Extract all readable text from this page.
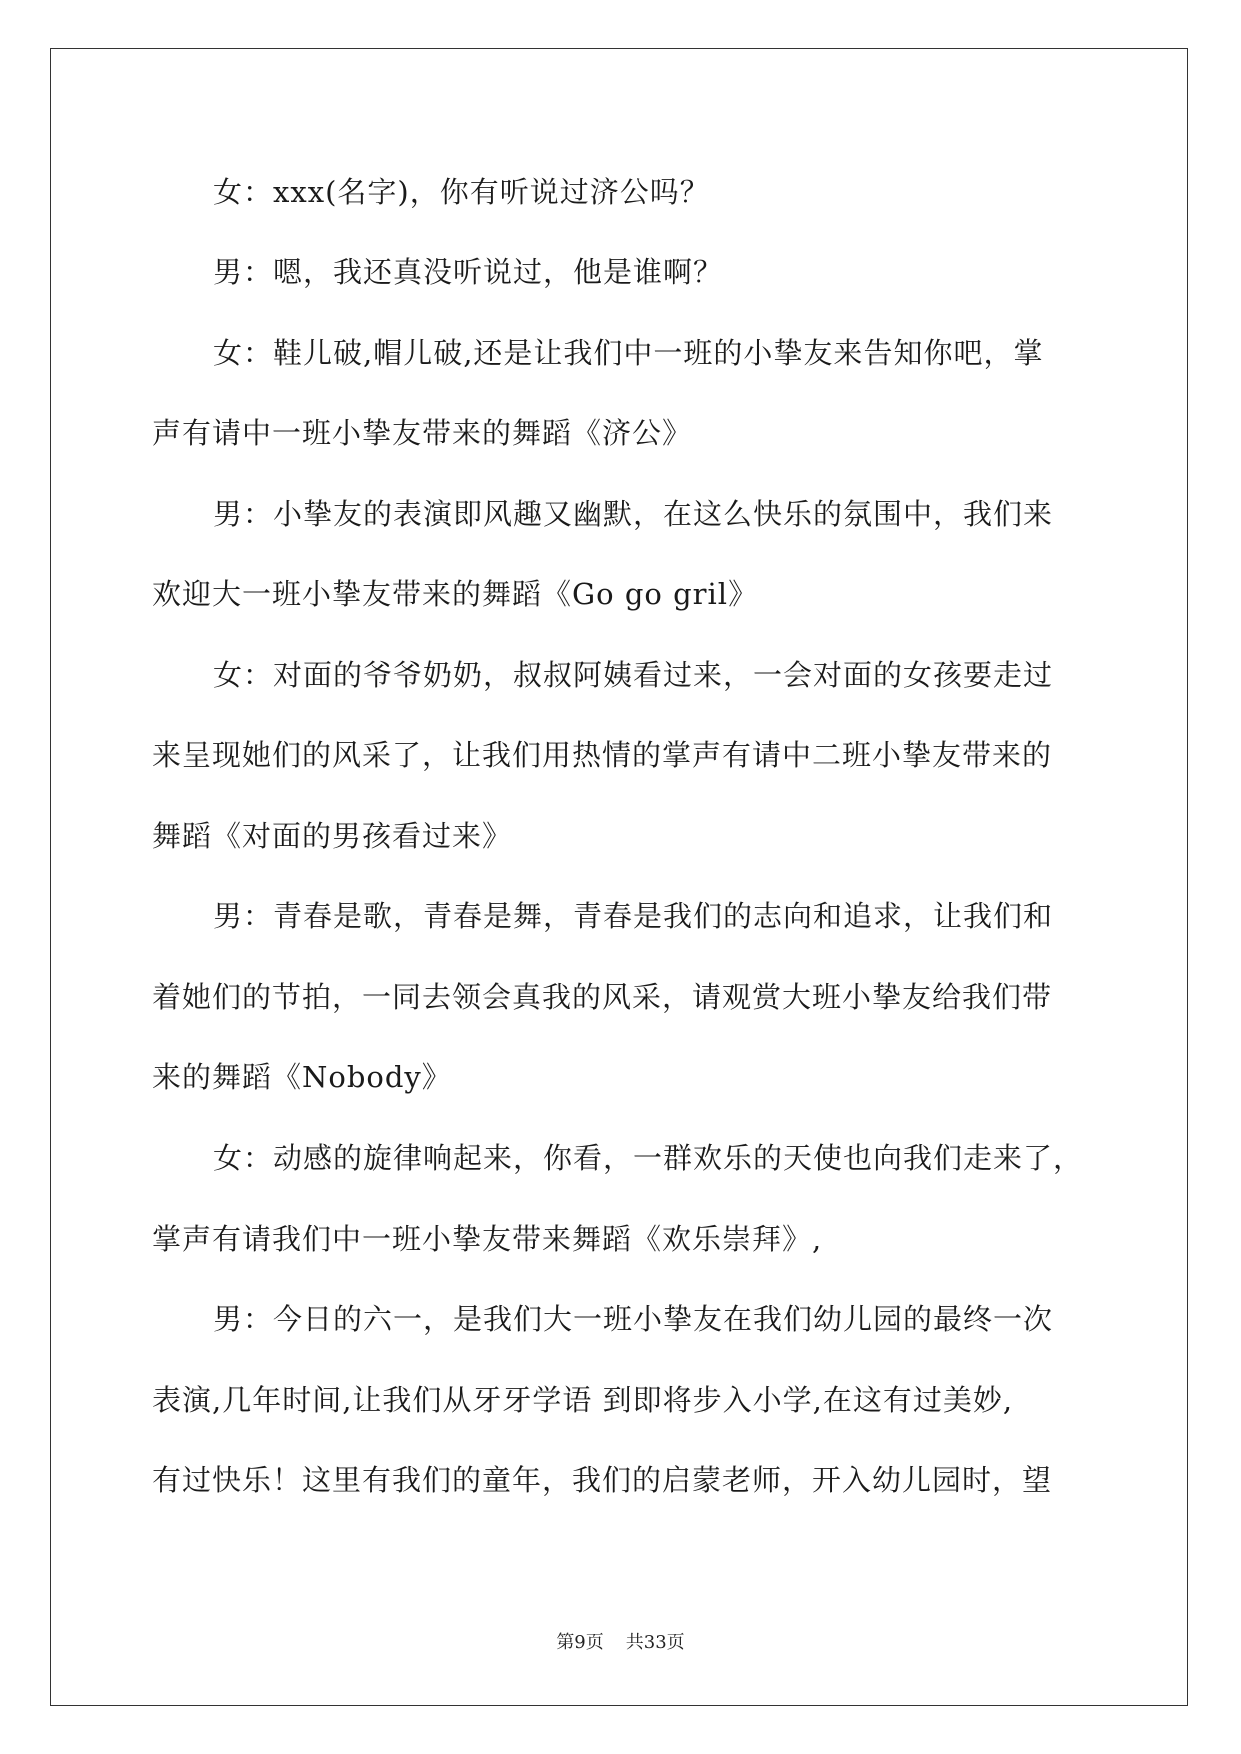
女：xxx(名字)，你有听说过济公吗？
男：嗯，我还真没听说过，他是谁啊？
女：鞋儿破,帽儿破,还是让我们中一班的小挚友来告知你吧，掌
声有请中一班小挚友带来的舞蹈《济公》
男：小挚友的表演即风趣又幽默，在这么快乐的氛围中，我们来
欢迎大一班小挚友带来的舞蹈《Go go gril》
女：对面的爷爷奶奶，叔叔阿姨看过来，一会对面的女孩要走过
来呈现她们的风采了，让我们用热情的掌声有请中二班小挚友带来的
舞蹈《对面的男孩看过来》
男：青春是歌，青春是舞，青春是我们的志向和追求，让我们和
着她们的节拍，一同去领会真我的风采，请观赏大班小挚友给我们带
来的舞蹈《Nobody》
女：动感的旋律响起来，你看，一群欢乐的天使也向我们走来了，
掌声有请我们中一班小挚友带来舞蹈《欢乐崇拜》,
男：今日的六一，是我们大一班小挚友在我们幼儿园的最终一次
表演,几年时间,让我们从牙牙学语 到即将步入小学,在这有过美妙,
有过快乐！这里有我们的童年，我们的启蒙老师，开入幼儿园时，望
第9页 共33页
